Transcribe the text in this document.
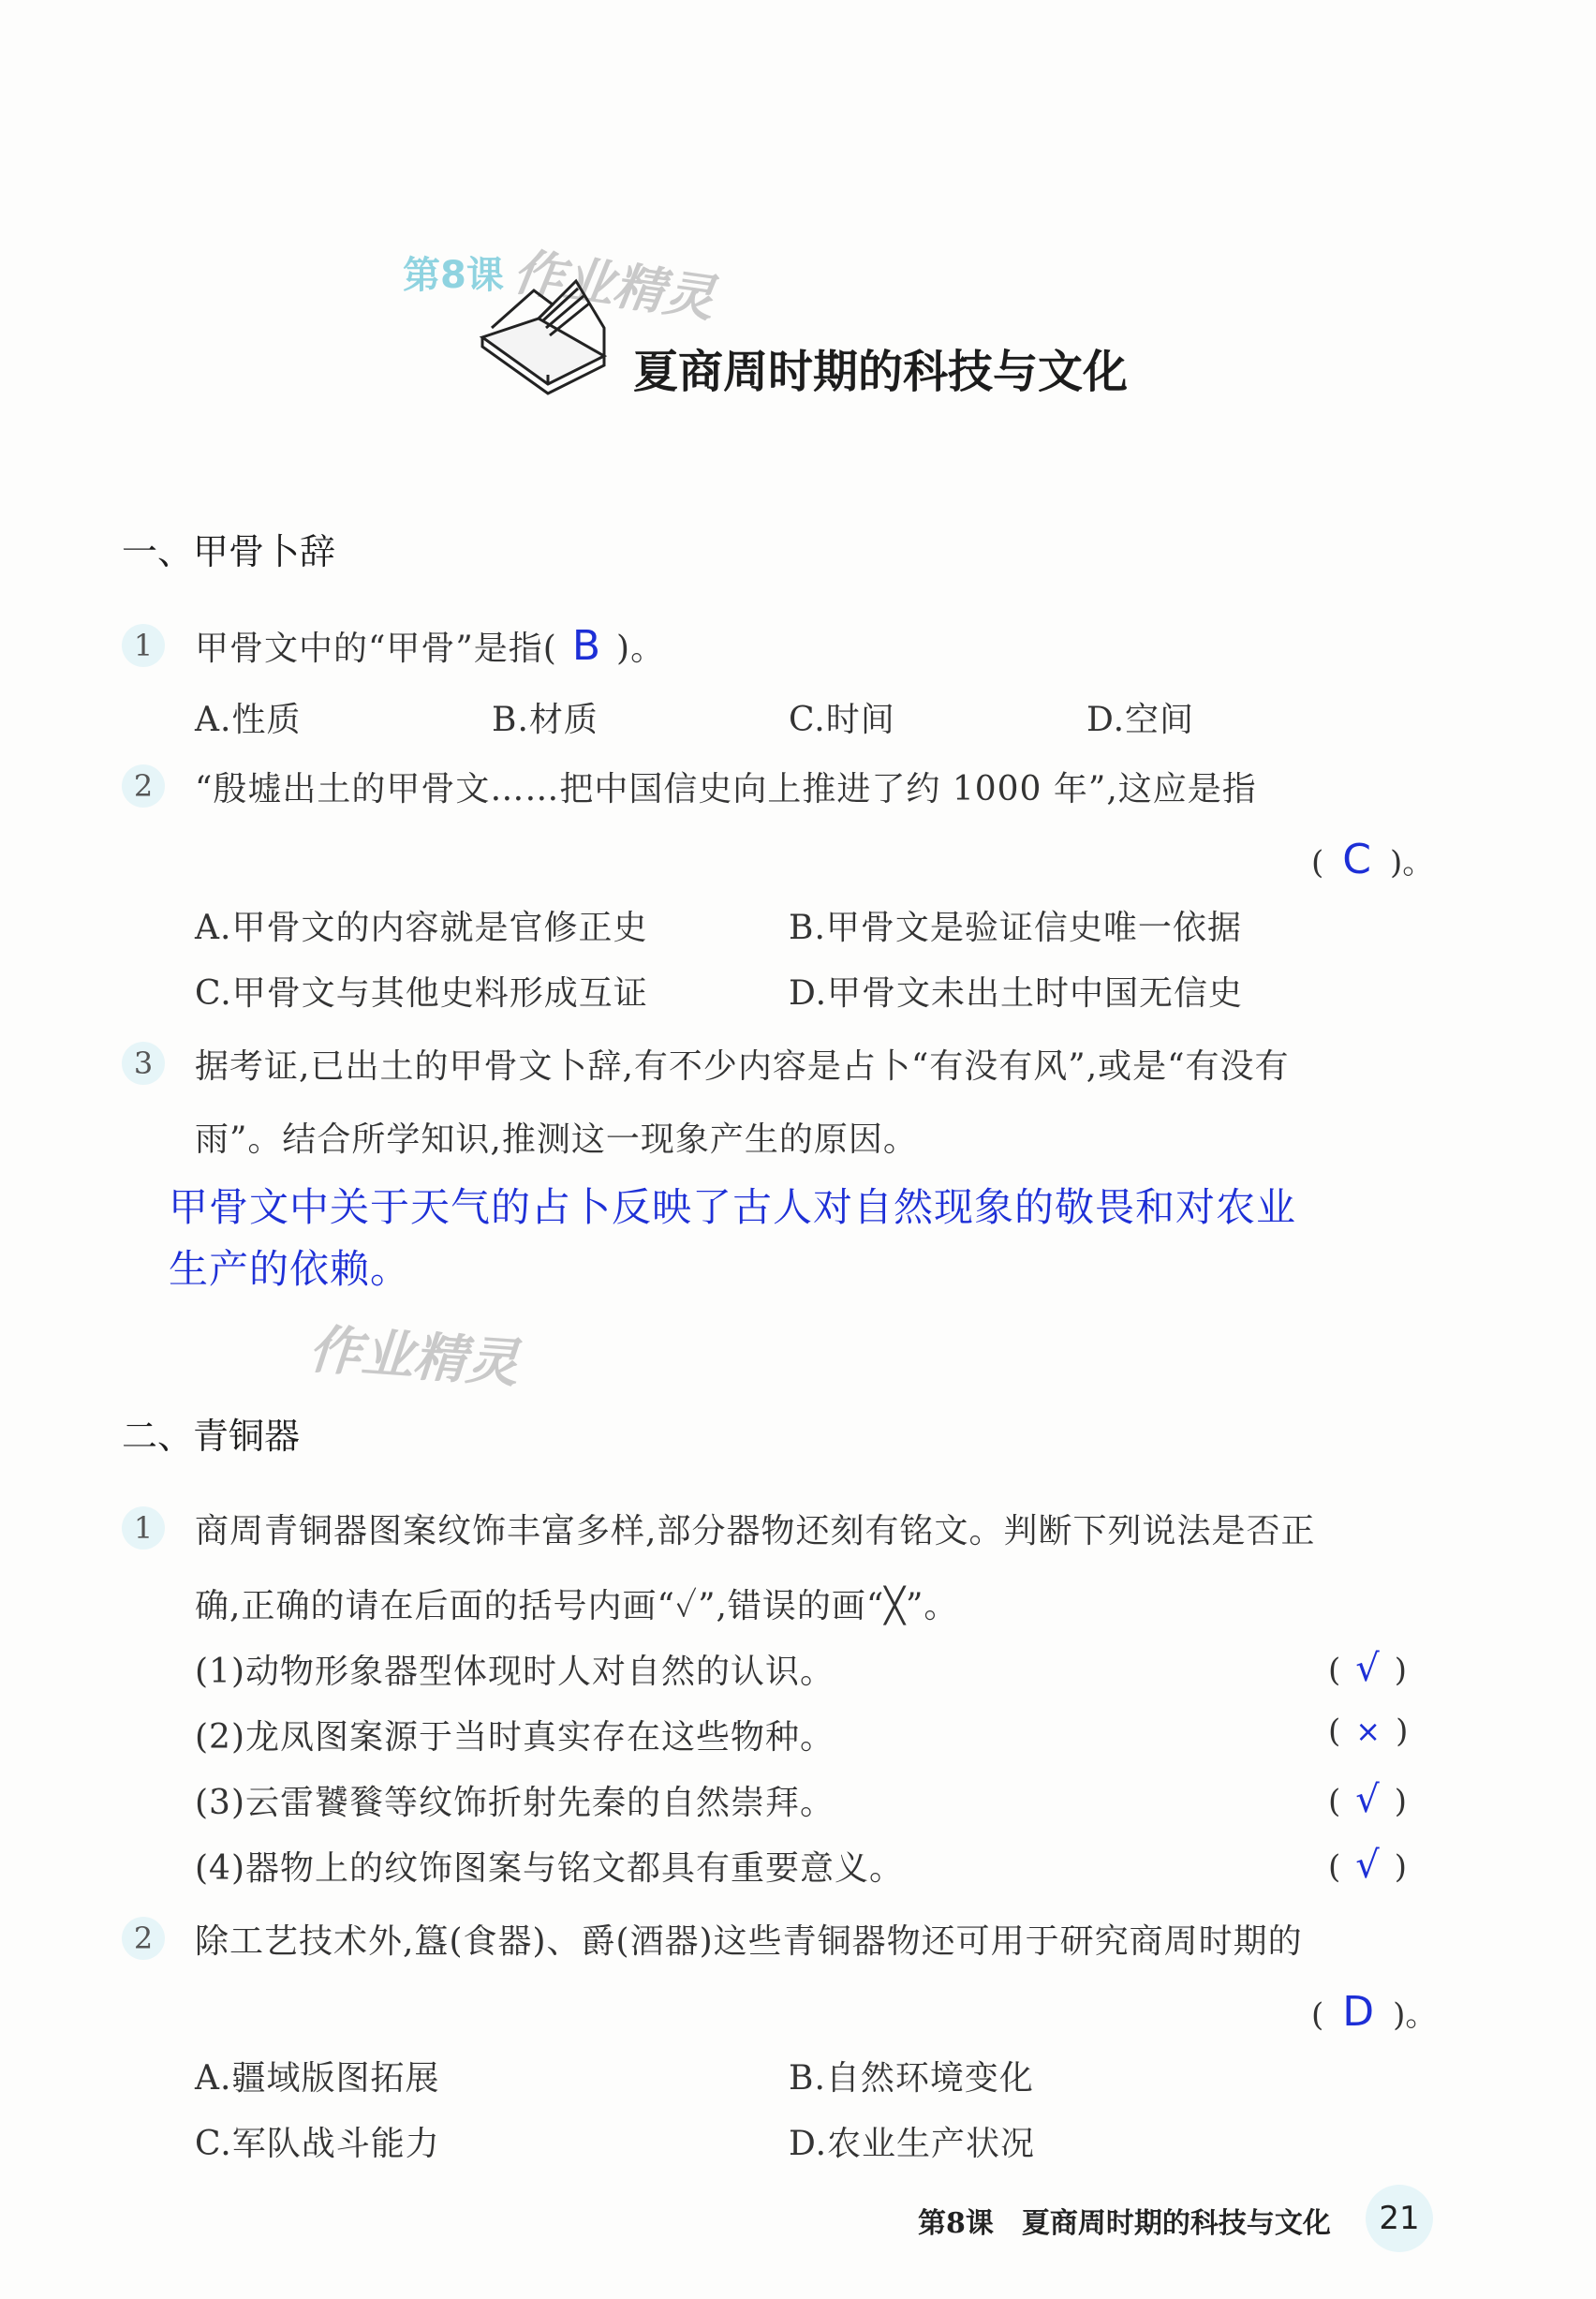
第8课 作业精灵
夏商周时期的科技与文化
一、甲骨卜辞
1	甲骨文中的“甲骨”是指( B )。
A.性质	B.材质	C.时间	D.空间
2	“殷墟出土的甲骨文……把中国信史向上推进了约 1000 年”,这应是指
( C )。
A.甲骨文的内容就是官修正史	B.甲骨文是验证信史唯一依据
C.甲骨文与其他史料形成互证	D.甲骨文未出土时中国无信史
3	据考证,已出土的甲骨文卜辞,有不少内容是占卜“有没有风”,或是“有没有
雨”。结合所学知识,推测这一现象产生的原因。
甲骨文中关于天气的占卜反映了古人对自然现象的敬畏和对农业
生产的依赖。
作业精灵
二、青铜器
1	商周青铜器图案纹饰丰富多样,部分器物还刻有铭文。判断下列说法是否正
确,正确的请在后面的括号内画“✓”,错误的画“╳”。
(1)动物形象器型体现时人对自然的认识。	( √ )
(2)龙凤图案源于当时真实存在这些物种。	( × )
(3)云雷饕餮等纹饰折射先秦的自然崇拜。	( √ )
(4)器物上的纹饰图案与铭文都具有重要意义。	( √ )
2	除工艺技术外,簋(食器)、爵(酒器)这些青铜器物还可用于研究商周时期的
( D )。
A.疆域版图拓展	B.自然环境变化
C.军队战斗能力	D.农业生产状况
第8课　夏商周时期的科技与文化	21
